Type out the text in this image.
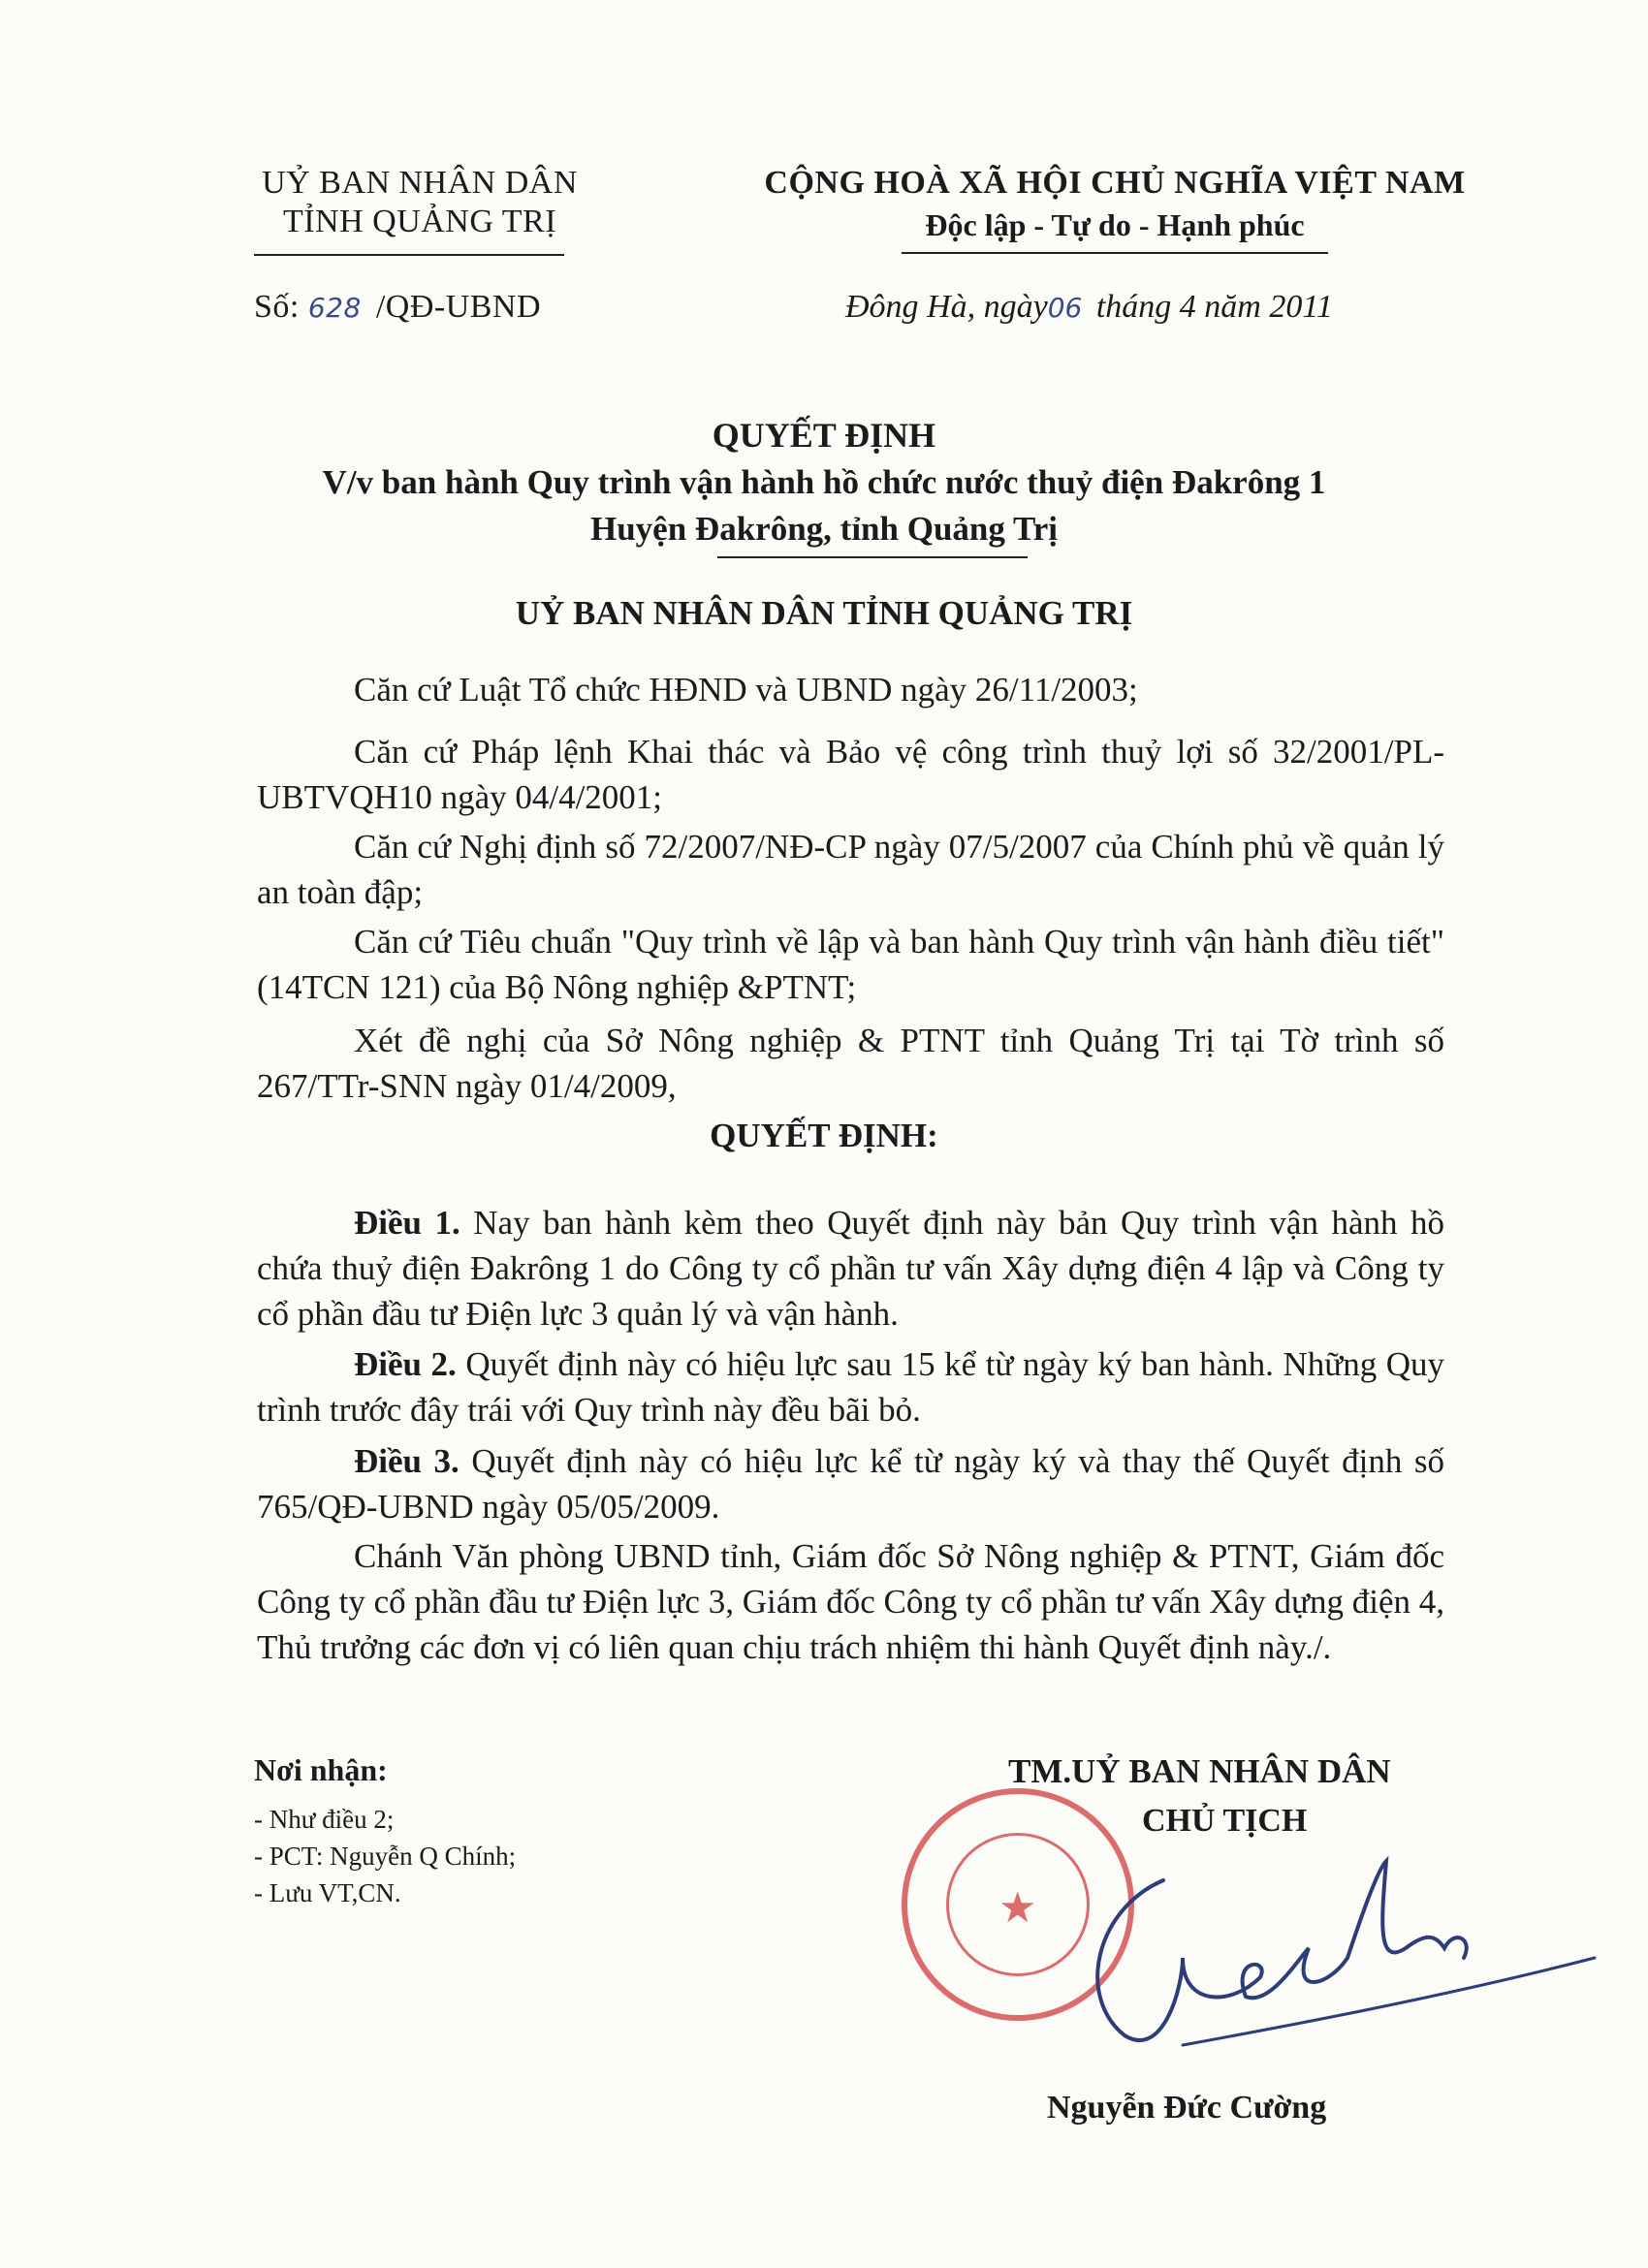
UỶ BAN NHÂN DÂN
TỈNH QUẢNG TRỊ
Số: 628 /QĐ-UBND
CỘNG HOÀ XÃ HỘI CHỦ NGHĨA VIỆT NAM
Độc lập - Tự do - Hạnh phúc
Đông Hà, ngày06 tháng 4 năm 2011
QUYẾT ĐỊNH
V/v ban hành Quy trình vận hành hồ chức nước thuỷ điện Đakrông 1
Huyện Đakrông, tỉnh Quảng Trị
UỶ BAN NHÂN DÂN TỈNH QUẢNG TRỊ
Căn cứ Luật Tổ chức HĐND và UBND ngày 26/11/2003;
Căn cứ Pháp lệnh Khai thác và Bảo vệ công trình thuỷ lợi số 32/2001/PL-UBTVQH10 ngày 04/4/2001;
Căn cứ Nghị định số 72/2007/NĐ-CP ngày 07/5/2007 của Chính phủ về quản lý an toàn đập;
Căn cứ Tiêu chuẩn "Quy trình về lập và ban hành Quy trình vận hành điều tiết" (14TCN 121) của Bộ Nông nghiệp &PTNT;
Xét đề nghị của Sở Nông nghiệp & PTNT tỉnh Quảng Trị tại Tờ trình số 267/TTr-SNN ngày 01/4/2009,
QUYẾT ĐỊNH:
Điều 1. Nay ban hành kèm theo Quyết định này bản Quy trình vận hành hồ chứa thuỷ điện Đakrông 1 do Công ty cổ phần tư vấn Xây dựng điện 4 lập và Công ty cổ phần đầu tư Điện lực 3 quản lý và vận hành.
Điều 2. Quyết định này có hiệu lực sau 15 kể từ ngày ký ban hành. Những Quy trình trước đây trái với Quy trình này đều bãi bỏ.
Điều 3. Quyết định này có hiệu lực kể từ ngày ký và thay thế Quyết định số 765/QĐ-UBND ngày 05/05/2009.
Chánh Văn phòng UBND tỉnh, Giám đốc Sở Nông nghiệp & PTNT, Giám đốc Công ty cổ phần đầu tư Điện lực 3, Giám đốc Công ty cổ phần tư vấn Xây dựng điện 4, Thủ trưởng các đơn vị có liên quan chịu trách nhiệm thi hành Quyết định này./.
Nơi nhận:
- Như điều 2;
- PCT: Nguyễn Q Chính;
- Lưu VT,CN.
TM.UỶ BAN NHÂN DÂN
CHỦ TỊCH
★
Nguyễn Đức Cường
